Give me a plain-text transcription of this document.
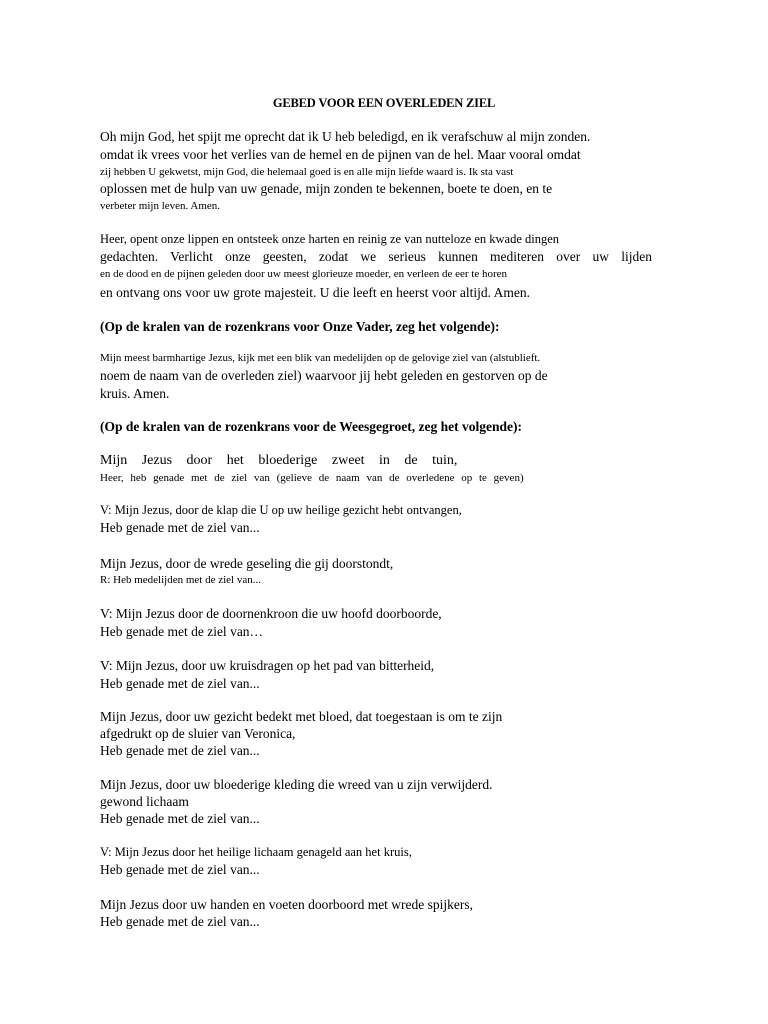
GEBED VOOR EEN OVERLEDEN ZIEL
Oh mijn God, het spijt me oprecht dat ik U heb beledigd, en ik verafschuw al mijn zonden.
omdat ik vrees voor het verlies van de hemel en de pijnen van de hel. Maar vooral omdat
zij hebben U gekwetst, mijn God, die helemaal goed is en alle mijn liefde waard is. Ik sta vast
oplossen met de hulp van uw genade, mijn zonden te bekennen, boete te doen, en te
verbeter mijn leven. Amen.
Heer, opent onze lippen en ontsteek onze harten en reinig ze van nutteloze en kwade dingen
gedachten. Verlicht onze geesten, zodat we serieus kunnen mediteren over uw lijden
en de dood en de pijnen geleden door uw meest glorieuze moeder, en verleen de eer te horen
en ontvang ons voor uw grote majesteit. U die leeft en heerst voor altijd. Amen.
(Op de kralen van de rozenkrans voor Onze Vader, zeg het volgende):
Mijn meest barmhartige Jezus, kijk met een blik van medelijden op de gelovige ziel van (alstublieft.
noem de naam van de overleden ziel) waarvoor jij hebt geleden en gestorven op de
kruis. Amen.
(Op de kralen van de rozenkrans voor de Weesgegroet, zeg het volgende):
Mijn Jezus door het bloederige zweet in de tuin,
Heer, heb genade met de ziel van (gelieve de naam van de overledene op te geven)
V: Mijn Jezus, door de klap die U op uw heilige gezicht hebt ontvangen,
Heb genade met de ziel van...
Mijn Jezus, door de wrede geseling die gij doorstondt,
R: Heb medelijden met de ziel van...
V: Mijn Jezus door de doornenkroon die uw hoofd doorboorde,
Heb genade met de ziel van…
V: Mijn Jezus, door uw kruisdragen op het pad van bitterheid,
Heb genade met de ziel van...
Mijn Jezus, door uw gezicht bedekt met bloed, dat toegestaan is om te zijn
afgedrukt op de sluier van Veronica,
Heb genade met de ziel van...
Mijn Jezus, door uw bloederige kleding die wreed van u zijn verwijderd.
gewond lichaam
Heb genade met de ziel van...
V: Mijn Jezus door het heilige lichaam genageld aan het kruis,
Heb genade met de ziel van...
Mijn Jezus door uw handen en voeten doorboord met wrede spijkers,
Heb genade met de ziel van...
